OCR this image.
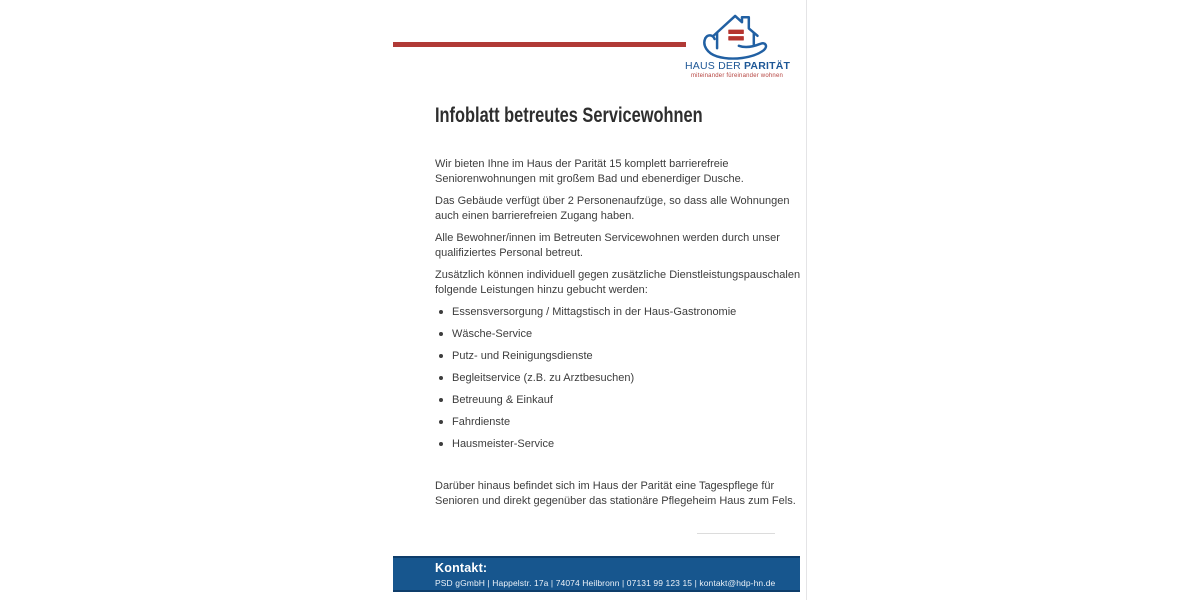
HAUS DER PARITÄT
miteinander füreinander wohnen
Infoblatt betreutes Servicewohnen

Wir bieten Ihne im Haus der Parität 15 komplett barrierefreie Seniorenwohnungen mit großem Bad und ebenerdiger Dusche.

Das Gebäude verfügt über 2 Personenaufzüge, so dass alle Wohnungen auch einen barrierefreien Zugang haben.

Alle Bewohner/innen im Betreuten Servicewohnen werden durch unser qualifiziertes Personal betreut.

Zusätzlich können individuell gegen zusätzliche Dienstleistungspauschalen folgende Leistungen hinzu gebucht werden:

Essensversorgung / Mittagstisch in der Haus-Gastronomie
Wäsche-Service
Putz- und Reinigungsdienste
Begleitservice (z.B. zu Arztbesuchen)
Betreuung & Einkauf
Fahrdienste
Hausmeister-Service

Darüber hinaus befindet sich im Haus der Parität eine Tagespflege für Senioren und direkt gegenüber das stationäre Pflegeheim Haus zum Fels.

Kontakt:
PSD gGmbH | Happelstr. 17a | 74074 Heilbronn | 07131 99 123 15 | kontakt@hdp-hn.de
